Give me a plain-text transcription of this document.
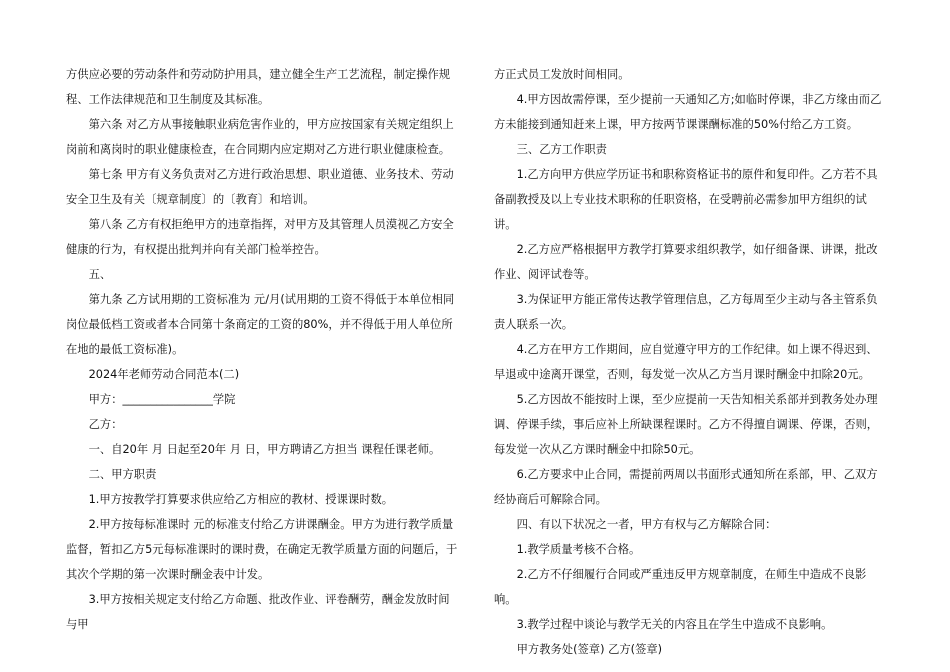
方供应必要的劳动条件和劳动防护用具，建立健全生产工艺流程，制定操作规程、工作法律规范和卫生制度及其标准。

第六条 对乙方从事接触职业病危害作业的，甲方应按国家有关规定组织上岗前和离岗时的职业健康检查，在合同期内应定期对乙方进行职业健康检查。

第七条 甲方有义务负责对乙方进行政治思想、职业道德、业务技术、劳动安全卫生及有关〔规章制度〕的〔教育〕和培训。

第八条 乙方有权拒绝甲方的违章指挥，对甲方及其管理人员漠视乙方安全健康的行为，有权提出批判并向有关部门检举控告。

五、

第九条 乙方试用期的工资标准为 元/月(试用期的工资不得低于本单位相同岗位最低档工资或者本合同第十条商定的工资的80%，并不得低于用人单位所在地的最低工资标准)。

2024年老师劳动合同范本(二)

甲方：________________学院

乙方：

一、自20年 月 日起至20年 月 日，甲方聘请乙方担当 课程任课老师。

二、甲方职责

1.甲方按教学打算要求供应给乙方相应的教材、授课课时数。

2.甲方按每标准课时 元的标准支付给乙方讲课酬金。甲方为进行教学质量监督，暂扣乙方5元每标准课时的课时费，在确定无教学质量方面的问题后，于其次个学期的第一次课时酬金表中计发。

3.甲方按相关规定支付给乙方命题、批改作业、评卷酬劳，酬金发放时间与甲

方正式员工发放时间相同。

4.甲方因故需停课，至少提前一天通知乙方;如临时停课，非乙方缘由而乙方未能接到通知赶来上课，甲方按两节课课酬标准的50%付给乙方工资。

三、乙方工作职责

1.乙方向甲方供应学历证书和职称资格证书的原件和复印件。乙方若不具备副教授及以上专业技术职称的任职资格，在受聘前必需参加甲方组织的试讲。

2.乙方应严格根据甲方教学打算要求组织教学，如仔细备课、讲课，批改作业、阅评试卷等。

3.为保证甲方能正常传达教学管理信息，乙方每周至少主动与各主管系负责人联系一次。

4.乙方在甲方工作期间，应自觉遵守甲方的工作纪律。如上课不得迟到、早退或中途离开课堂，否则，每发觉一次从乙方当月课时酬金中扣除20元。

5.乙方因故不能按时上课，至少应提前一天告知相关系部并到教务处办理调、停课手续，事后应补上所缺课程课时。乙方不得擅自调课、停课，否则，每发觉一次从乙方课时酬金中扣除50元。

6.乙方要求中止合同，需提前两周以书面形式通知所在系部，甲、乙双方经协商后可解除合同。

四、有以下状况之一者，甲方有权与乙方解除合同：

1.教学质量考核不合格。

2.乙方不仔细履行合同或严重违反甲方规章制度，在师生中造成不良影响。

3.教学过程中谈论与教学无关的内容且在学生中造成不良影响。

甲方教务处(签章) 乙方(签章)
